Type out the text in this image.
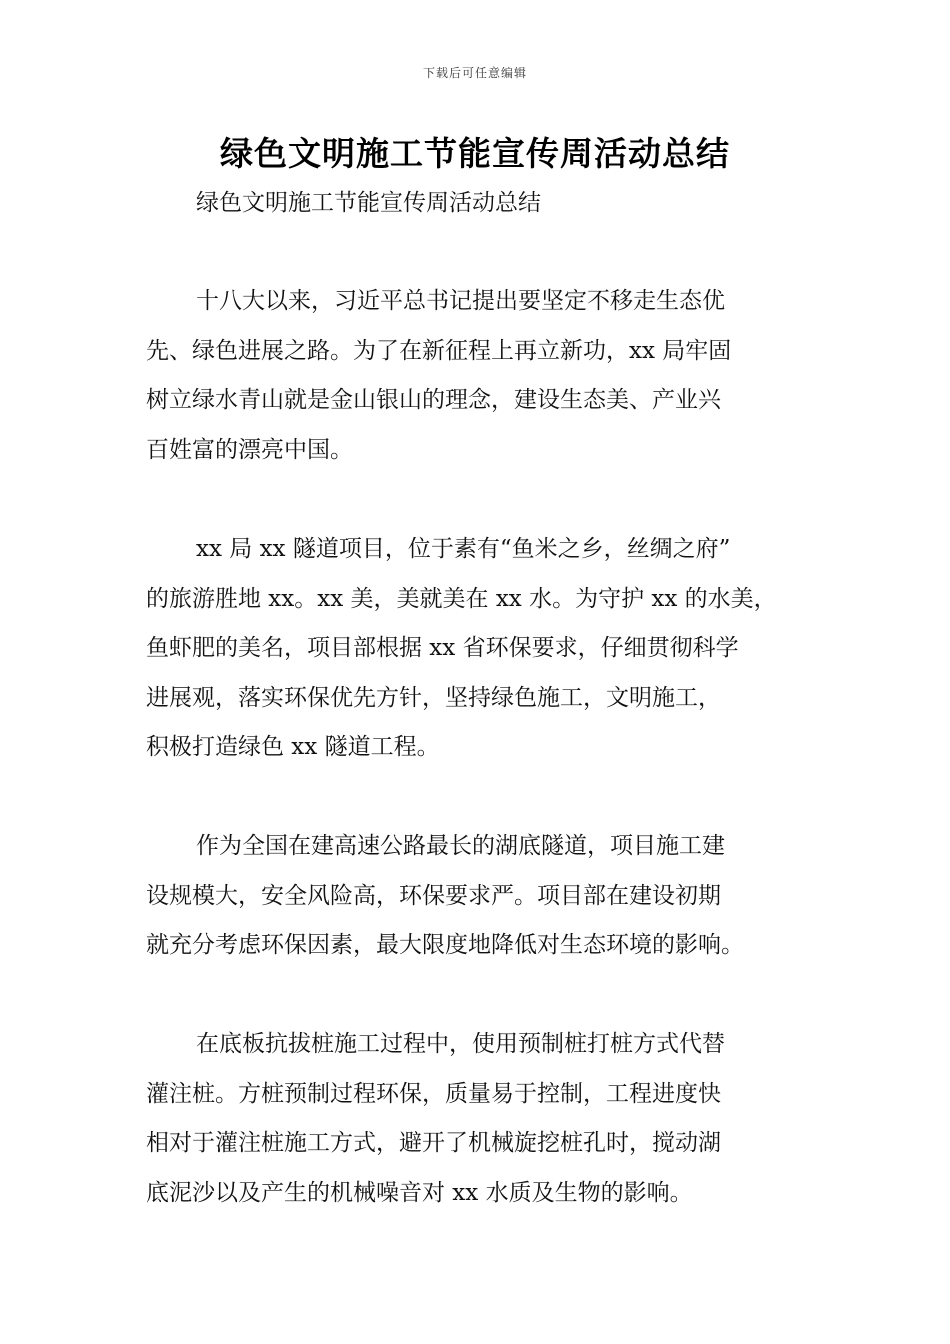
下载后可任意编辑
绿色文明施工节能宣传周活动总结
绿色文明施工节能宣传周活动总结
十八大以来，习近平总书记提出要坚定不移走生态优
先、绿色进展之路。为了在新征程上再立新功，xx 局牢固
树立绿水青山就是金山银山的理念，建设生态美、产业兴
百姓富的漂亮中国。
xx 局 xx 隧道项目，位于素有“鱼米之乡，丝绸之府”
的旅游胜地 xx。xx 美，美就美在 xx 水。为守护 xx 的水美，
鱼虾肥的美名，项目部根据 xx 省环保要求，仔细贯彻科学
进展观，落实环保优先方针，坚持绿色施工，文明施工，
积极打造绿色 xx 隧道工程。
作为全国在建高速公路最长的湖底隧道，项目施工建
设规模大，安全风险高，环保要求严。项目部在建设初期
就充分考虑环保因素，最大限度地降低对生态环境的影响。
在底板抗拔桩施工过程中，使用预制桩打桩方式代替
灌注桩。方桩预制过程环保，质量易于控制，工程进度快
相对于灌注桩施工方式，避开了机械旋挖桩孔时，搅动湖
底泥沙以及产生的机械噪音对 xx 水质及生物的影响。
